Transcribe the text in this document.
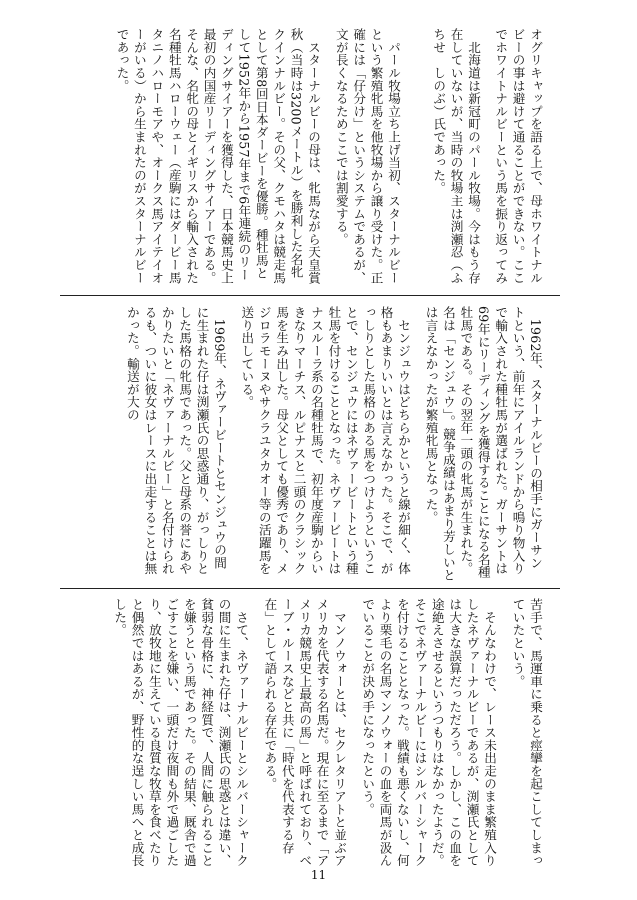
オグリキャップを語る上で、母ホワイトナルビーの事は避けて通ることができない。ここでホワイトナルビーという馬を振り返ってみ
　北海道は新冠町のパール牧場。今はもう存在していないが、当時の牧場主は渕瀬忍（ふちせ　しのぶ）氏であった。
　パール牧場立ち上げ当初、スターナルビーという繁殖牝馬を他牧場から譲り受けた。正確には「仔分け」というシステムであるが、文が長くなるためここでは割愛する。
　スターナルビーの母は、牝馬ながら天皇賞秋（当時は3200メートル）を勝利した名牝クインナルビー。その父、クモハタは競走馬として第8回日本ダービーを優勝。種牡馬として1952年から1957年まで6年連続のリーディングサイアーを獲得した、日本競馬史上最初の内国産リーディングサイアーである。そんな、名牝の母とイギリスから輸入された名種牡馬ハローウェー（産駒にはダービー馬タニノハローモアや、オークス馬アイテイオーがいる）から生まれたのがスターナルビーであった。
　1962年、スターナルビーの相手にガーサントという、前年にアイルランドから鳴り物入りで輸入された種牡馬が選ばれた。ガーサントは69年にリーディングを獲得することになる名種牡馬である。その翌年一頭の牝馬が生まれた。名は「センジュウ」。競争成績はあまり芳しいとは言えなかったが繁殖牝馬となった。
　センジュウはどちらかというと線が細く、体格もあまりいいとは言えなかった。そこで、がっしりとした馬格のある馬をつけようということで、センジュウにはネヴァービートという種牡馬を付けることとなった。ネヴァービートはナスルーラ系の名種牡馬で、初年度産駒からいきなりマーチス、ルピナスと二頭のクラシック馬を生み出した。母父としても優秀であり、メジロラモーヌやサクラユタカオー等の活躍馬を送り出している。
　1969年、ネヴァービートとセンジュウの間に生まれた仔は渕瀬氏の思惑通り、がっしりとした馬格の牝馬であった。父と母系の誉にあやかりたいと「ネヴァーナルビー」と名付けられるも、ついに彼女はレースに出走することは無かった。輸送が大の
苦手で、馬運車に乗ると痙攣を起こしてしまっていたという。
　そんなわけで、レース未出走のまま繁殖入りしたネヴァーナルビーであるが、渕瀬氏としては大きな誤算だっただろう。しかし、この血を途絶えさせるというつもりはなかったようだ。そこでネヴァーナルビーにはシルバーシャークを付けることとなった。戦績も悪くないし、何より栗毛の名馬マンノウォーの血を両馬が汲んでいることが決め手になったという。
　マンノウォーとは、セクレタリアトと並ぶアメリカを代表する名馬だ。現在に至るまで「アメリカ競馬史上最高の馬」と呼ばれており、ベーブ・ルースなどと共に「時代を代表する存在」として語られる存在である。
　さて、ネヴァーナルビーとシルバーシャークの間に生まれた仔は、渕瀬氏の思惑とは違い、貧弱な骨格に、神経質で、人間に触られることを嫌うという馬であった。その結果、厩舎で過ごすことを嫌い、一頭だけ夜間も外で過ごしたり、放牧地に生えている良質な牧草を食べたりと偶然ではあるが、野性的な逞しい馬へと成長した。
11
